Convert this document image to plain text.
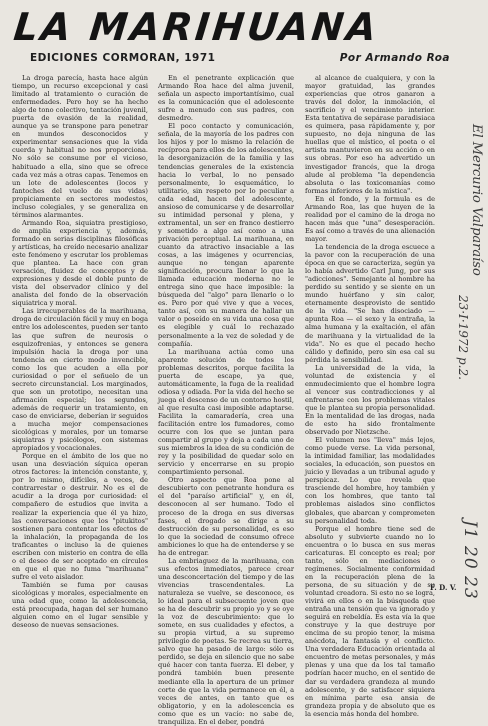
LA MARIHUANA
EDICIONES CORMORAN, 1971	Por Armando Roa

La droga parecía, hasta hace algún tiempo, un recurso excepcional y casi limitado al tratamiento o curación de enfermedades. Pero hoy se ha hecho algo de tono colectivo, tentación juvenil, puerta de evasión de la realidad, aunque ya se transpone para penetrar en mundos desconocidos y experimentar sensaciones que la vida cuerda y habitual no nos proporciona. No sólo se consume por el vicioso, habituado a ella, sino que se ofrece cada vez más a otras capas. Tenemos en un lote de adolescentes (locos y fantoches del vuelo de sus vidas) propiciamente en sectores modestos, incluso colegiales, y se generaliza en términos alarmantes.

Armando Roa, siquiatra prestigioso, de amplia experiencia y, además, formado en serias disciplinas filosóficas y artísticas, ha creído necesario analizar este fenómeno y escrutar los problemas que plantea. La hace con gran versación, fluidez de conceptos y de expresiones y desde el doble punto de vista del observador clínico y del analista del fondo de la observación siquiatrica y moral.

Las irrecuperables de la marihuana, droga de circulación fácil y muy en boga entre los adolescentes, pueden ser tanto las que sufren de neurosis o esquizofrenias, y entonces se genera impulsión hacia la droga por una tendencia en cierto modo invencible, como los que acuden a ella por curiosidad o por el señuelo de un secreto circunstancial. Los marginados, que son un prototipo, necesitan una afirmación especial; los segundos, además de requerir un tratamiento, en caso de enviciarse, deberían ir seguidos a mucha mejor compensaciones sicológicas y morales, por un tomarse siquiatras y psicólogos, con sistemas apropiados y vocacionales.

Porque en el ámbito de los que no usan una desviación síquica operan otros factores: la intención constante, y, por lo mismo, difíciles, a veces, de contrarrestar o destruir. No es el de acudir a la droga por curiosidad: el compañero de estudios que invita a realizar la experiencia que él ya hizo, las conversaciones que los "pitukitos" sostienen para contentar los efectos de la inhalación, la propaganda de los traficantes o incluso la de quienes escriben con misterio en contra de ella o el deseo de ser aceptado en círculos en que el que no fuma "marihuana" sufre el veto aislador.

También se fuma por causas sicológicas y morales, especialmente en una edad que, como la adolescencia, está preocupada, hagan del ser humano alguien como en el lugar sensible y deseoso de nuevas sensaciones.

En el penetrante explicación que Armando Roa hace del alma juvenil, señala un aspecto importantísimo, cual es la comunicación que el adolescente sufre a menudo con sus padres, con desmedro.

El poco contacto y comunicación, señala, de la mayoría de los padres con los hijos y por lo mismo la relación de recíproca para ellos de los adolescentes, la desorganización de la familia y las tendencias generales de la existencia hacia lo verbal, lo no pensado personalmente, lo esquemático, lo utilitario, sin respeto por lo peculiar a cada edad, hacen del adolescente, ansioso de comunicarse y de desarrollar su intimidad personal y plena, y extramental, un ser en franco destierro y sometido a algo así como a una privación perceptual. La marihuana, en cuanto da atractivo insaciable a las cosas, a las imágenes y ocurrencias, aunque no tengan aparente significación, procura llenar lo que la llamada educación moderna no le entrega sino que hace imposible: la búsqueda del "algo" para llenarlo o lo es. Pero por qué vive y que a veces, tanto así, con su manera de hallar un valor o poseído en su vida una cosa que es elegible y cuál lo rechazado personalmente a la vez de soledad y de compañía.

La marihuana actúa como una aparente solución de todos los problemas descritos, porque facilita la puerta de escape, ya que, automáticamente, la fuga de la realidad odiosa y odiada. Por la vida del hecho se juega el descenso de un contorno hostil, al que resulta casi imposible adaptarse. Facilita la camaradería, crea una facilitación entre los fumadores, como ocurre con los que se juntan para compartir al grupo y deja a cada uno de sus miembros la idea de su condición de rey y la posibilidad de quedar solo en servicio y encerrarse en su propio compartimiento personal.

Otro aspecto que Roa pone al descubierto con penetrante hondura es el del "paraíso artificial" y, en él, desconocen al ser humano. Todo el proceso de la droga en sus diversas fases, el drogado se dirige a su destrucción de su personalidad, es eso lo que la sociedad de consumo ofrece ambiciones lo que ha de entenderse y se ha de entregar.

La embriaguez de la marihuana, con sus efectos inmediatos, parece crear una desconcertación del tiempo y de las vivencias trascendentales. La naturaleza se vuelve, se desconoce, es lo ideal para el subsecuente joven que se ha de descubrir su propio yo y se oye la voz de descubrimiento: que lo somete, en sus cualidades y efectos, a su propia virtud, a su supremo privilegio de poetas. Se recrea su tierra, salvo que ha pasado de largo: sólo es perdido, se deja en silencio que no sabe qué hacer con tanta fuerza. El deber, y pondrá también buen presente mediante ella la apertura de un primer corte de que la vida permanece en él, a veces de antes, en tanto que es obligatorio, y en la adolescencia es como que es un vacío: no sabe de, tranquiliza. En el deber, pondrá

al alcance de cualquiera, y con la mayor gratuidad, las grandes experiencias que otros ganaron a través del dolor, la inmolación, el sacrificio y el vencimiento interior. Esta tentativa de sepárase paradisiaca es quimera, pasa rápidamente y, por supuesto, no deja ninguna de las huellas que el místico, el poeta o el artista mantuvieron en su acción o en sus obras. Por eso ha advertido un investigador francés, que la droga alude al problema "la dependencia absoluta o las toxicomanías como formas inferiores de la mística".

En el fondo, y la formula es de Armando Roa, las que huyen de la realidad por el camino de la droga no hacen más que "una" desesperación. Es así como a través de una alienación mayor.

La tendencia de la droga escuece a la pavor con la recuperación de una época en que se caracteriza, según ya lo había advertido Carl Jung, por sus "adicciones". Semejante al hombre ha perdido su sentido y se siente en un mundo huérfano y sin calor, eternamente desprovisto de sentido de la vida. "Se han disociado — apunta Roa — el sexo y la entraña, la alma humana y la exaltación, el afán de marihuana y la virtualidad de la vida". No es que el pecado hecho cálido y definido, pero sin esa cal su pérdida la sensibilidad.

La universidad de la vida, la voluntad de existencia y el enmudecimiento que el hombre logra al vencer sus contradicciones y al enfrentarse con los problemas vitales que le plantea su propia personalidad. En la mentalidad de las drogas, nada de esto ha sido frontalmente observado por Nietzsche.

El volumen nos "lleva" más lejos, como puede verse. La vida personal, la intimidad familiar, las modalidades sociales, la educación, son puestos en juicio y llevadas a un tribunal agudo y perspicaz. Lo que revela que trasciende del hombre, hoy también y con los hombres, que tanto tal problemas aislados sino conflictos globales, que abarcan y comprometen su personalidad toda.

Porque el hombre tiene sed de absoluto y subvierte cuando no lo encuentra o lo busca en sus meras caricaturas. El concepto es real; por tanto, sólo en mediaciones o regímenes. Socialmente conformidad en la recuperación plena de la persona, de su situación y de su voluntad creadora. Si esto no se logra, vivirá en ellos o en la búsqueda que entraña una tensión que va ignorado y seguirá en rebeldía. Es esta vía la que construye y la que destruye por encima de su propio tenor, la misma anécdota, la fantasía y el conflicto. Una verdadera Educación orientada al encuentro de metas personales, y más plenas y una que da los tal tamaño podrían hacer mucho, en el sentido de dar su verdadera grandeza al mundo adolescente, y de satisfacer siquiera en mínima parte esa ansia de grandeza propia y de absoluto que es la esencia más honda del hombre.

F. D. V.
El Mercurio Valparaíso
23·I·1972 p.2.
J1 20 23
